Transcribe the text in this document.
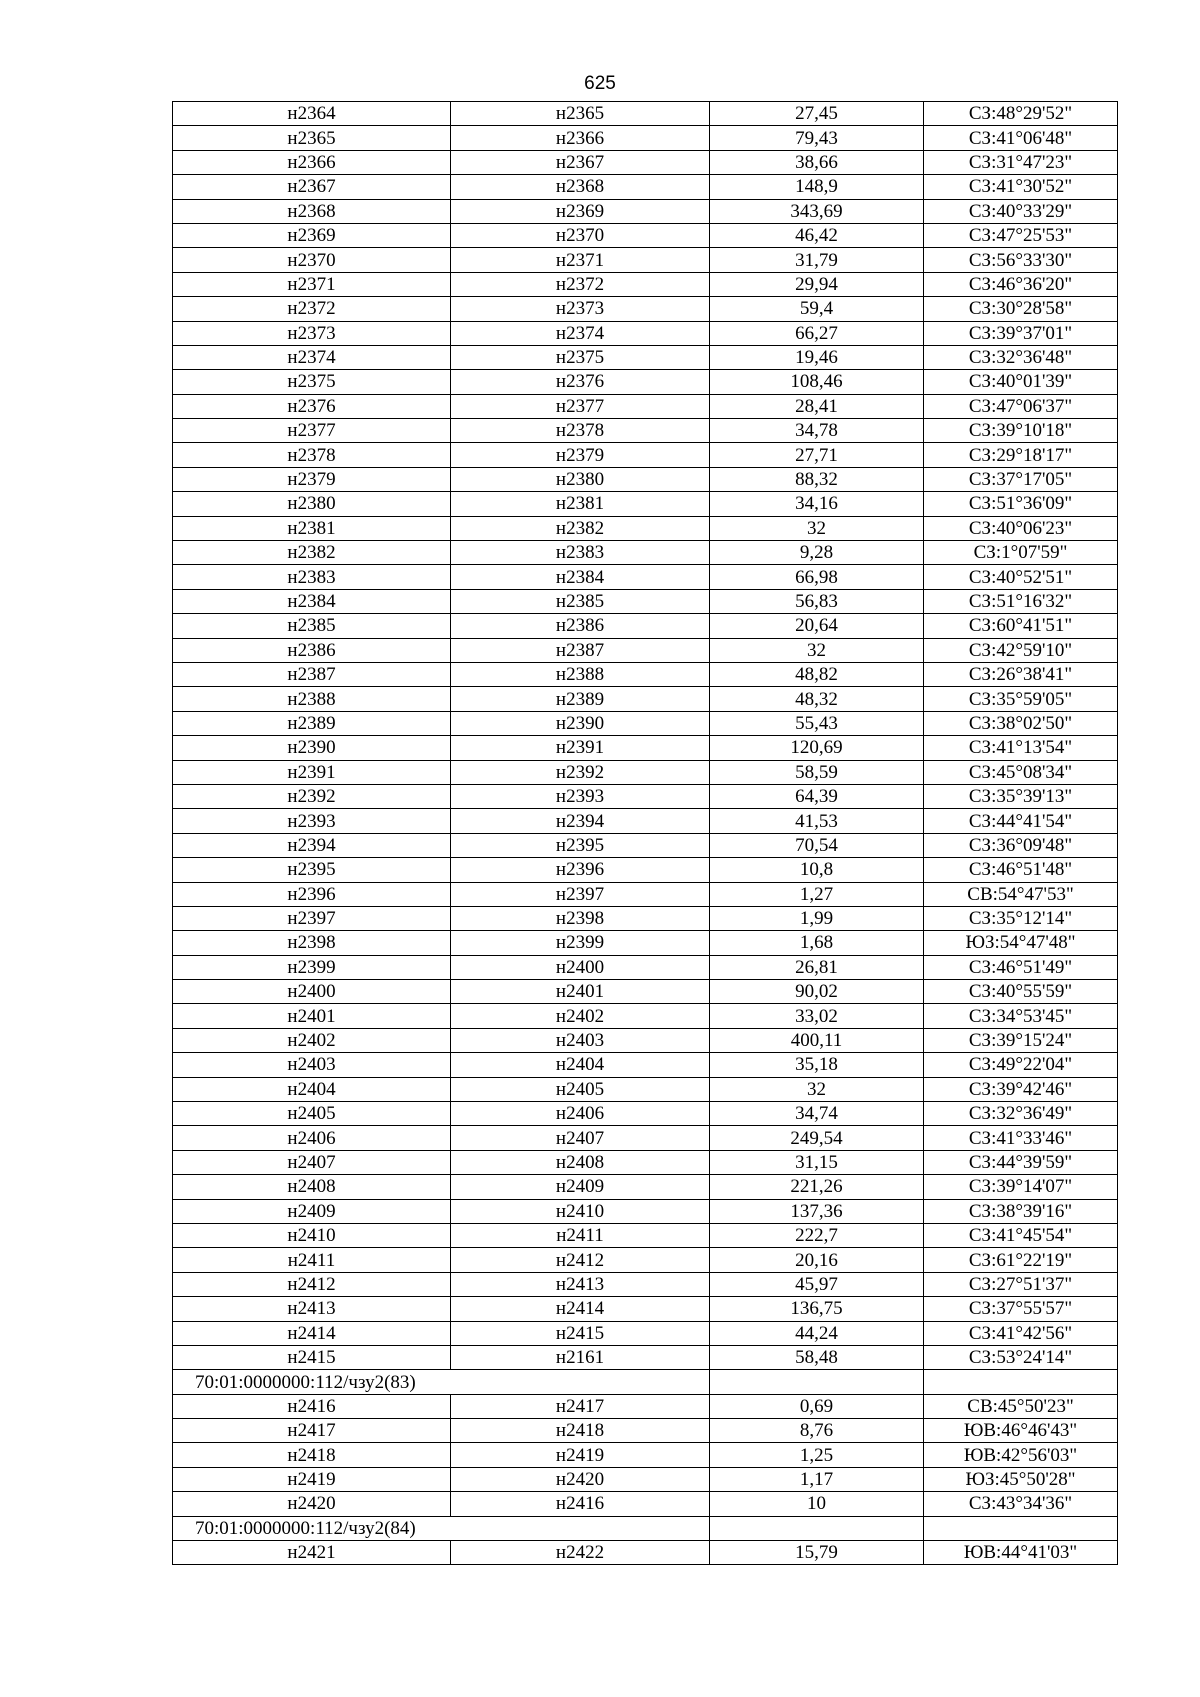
625
н2364	н2365	27,45	СЗ:48°29'52"
н2365	н2366	79,43	СЗ:41°06'48"
н2366	н2367	38,66	СЗ:31°47'23"
н2367	н2368	148,9	СЗ:41°30'52"
н2368	н2369	343,69	СЗ:40°33'29"
н2369	н2370	46,42	СЗ:47°25'53"
н2370	н2371	31,79	СЗ:56°33'30"
н2371	н2372	29,94	СЗ:46°36'20"
н2372	н2373	59,4	СЗ:30°28'58"
н2373	н2374	66,27	СЗ:39°37'01"
н2374	н2375	19,46	СЗ:32°36'48"
н2375	н2376	108,46	СЗ:40°01'39"
н2376	н2377	28,41	СЗ:47°06'37"
н2377	н2378	34,78	СЗ:39°10'18"
н2378	н2379	27,71	СЗ:29°18'17"
н2379	н2380	88,32	СЗ:37°17'05"
н2380	н2381	34,16	СЗ:51°36'09"
н2381	н2382	32	СЗ:40°06'23"
н2382	н2383	9,28	СЗ:1°07'59"
н2383	н2384	66,98	СЗ:40°52'51"
н2384	н2385	56,83	СЗ:51°16'32"
н2385	н2386	20,64	СЗ:60°41'51"
н2386	н2387	32	СЗ:42°59'10"
н2387	н2388	48,82	СЗ:26°38'41"
н2388	н2389	48,32	СЗ:35°59'05"
н2389	н2390	55,43	СЗ:38°02'50"
н2390	н2391	120,69	СЗ:41°13'54"
н2391	н2392	58,59	СЗ:45°08'34"
н2392	н2393	64,39	СЗ:35°39'13"
н2393	н2394	41,53	СЗ:44°41'54"
н2394	н2395	70,54	СЗ:36°09'48"
н2395	н2396	10,8	СЗ:46°51'48"
н2396	н2397	1,27	СВ:54°47'53"
н2397	н2398	1,99	СЗ:35°12'14"
н2398	н2399	1,68	ЮЗ:54°47'48"
н2399	н2400	26,81	СЗ:46°51'49"
н2400	н2401	90,02	СЗ:40°55'59"
н2401	н2402	33,02	СЗ:34°53'45"
н2402	н2403	400,11	СЗ:39°15'24"
н2403	н2404	35,18	СЗ:49°22'04"
н2404	н2405	32	СЗ:39°42'46"
н2405	н2406	34,74	СЗ:32°36'49"
н2406	н2407	249,54	СЗ:41°33'46"
н2407	н2408	31,15	СЗ:44°39'59"
н2408	н2409	221,26	СЗ:39°14'07"
н2409	н2410	137,36	СЗ:38°39'16"
н2410	н2411	222,7	СЗ:41°45'54"
н2411	н2412	20,16	СЗ:61°22'19"
н2412	н2413	45,97	СЗ:27°51'37"
н2413	н2414	136,75	СЗ:37°55'57"
н2414	н2415	44,24	СЗ:41°42'56"
н2415	н2161	58,48	СЗ:53°24'14"
70:01:0000000:112/чзу2(83)			
н2416	н2417	0,69	СВ:45°50'23"
н2417	н2418	8,76	ЮВ:46°46'43"
н2418	н2419	1,25	ЮВ:42°56'03"
н2419	н2420	1,17	ЮЗ:45°50'28"
н2420	н2416	10	СЗ:43°34'36"
70:01:0000000:112/чзу2(84)			
н2421	н2422	15,79	ЮВ:44°41'03"
